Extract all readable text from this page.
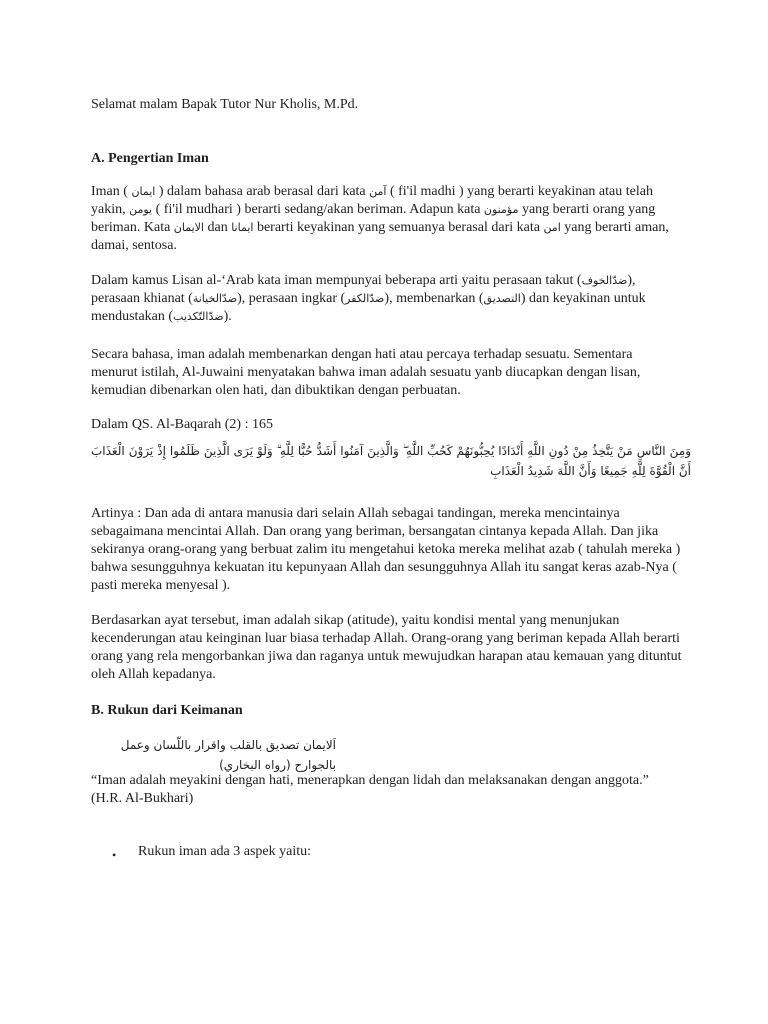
Selamat malam Bapak Tutor Nur Kholis, M.Pd.

A. Pengertian Iman

Iman ( ايمان ) dalam bahasa arab berasal dari kata آمن ( fi'il madhi ) yang berarti keyakinan atau telah yakin, يومن ( fi'il mudhari ) berarti sedang/akan beriman. Adapun kata مؤمنون yang berarti orang yang beriman. Kata الايمان dan ايمانا berarti keyakinan yang semuanya berasal dari kata امن yang berarti aman, damai, sentosa.

Dalam kamus Lisan al-‘Arab kata iman mempunyai beberapa arti yaitu perasaan takut (ضدّالخوف), perasaan khianat (ضدّالخيانة), perasaan ingkar (ضدّالكفر), membenarkan (التصديق) dan keyakinan untuk mendustakan (ضدّالتّكذيب).

Secara bahasa, iman adalah membenarkan dengan hati atau percaya terhadap sesuatu. Sementara menurut istilah, Al-Juwaini menyatakan bahwa iman adalah sesuatu yanb diucapkan dengan lisan, kemudian dibenarkan olen hati, dan dibuktikan dengan perbuatan.

Dalam QS. Al-Baqarah (2) : 165

وَمِنَ النَّاسِ مَنْ يَتَّخِذُ مِنْ دُونِ اللَّهِ أَنْدَادًا يُحِبُّونَهُمْ كَحُبِّ اللَّهِ ۖ وَالَّذِينَ آمَنُوا أَشَدُّ حُبًّا لِلَّهِ ۗ وَلَوْ يَرَى الَّذِينَ ظَلَمُوا إِذْ يَرَوْنَ الْعَذَابَ أَنَّ الْقُوَّةَ لِلَّهِ جَمِيعًا وَأَنَّ اللَّهَ شَدِيدُ الْعَذَابِ

Artinya : Dan ada di antara manusia dari selain Allah sebagai tandingan, mereka mencintainya sebagaimana mencintai Allah. Dan orang yang beriman, bersangatan cintanya kepada Allah. Dan jika sekiranya orang-orang yang berbuat zalim itu mengetahui ketoka mereka melihat azab ( tahulah mereka ) bahwa sesungguhnya kekuatan itu kepunyaan Allah dan sesungguhnya Allah itu sangat keras azab-Nya ( pasti mereka menyesal ).

Berdasarkan ayat tersebut, iman adalah sikap (atitude), yaitu kondisi mental yang menunjukan kecenderungan atau keinginan luar biasa terhadap Allah. Orang-orang yang beriman kepada Allah berarti orang yang rela mengorbankan jiwa dan raganya untuk mewujudkan harapan atau kemauan yang dituntut oleh Allah kepadanya.

B. Rukun dari Keimanan

اَلايمان تصديق بالقلب واقرار باللّسان وعمل بالجوارح (رواه البخاري)

“Iman adalah meyakini dengan hati, menerapkan dengan lidah dan melaksanakan dengan anggota.” (H.R. Al-Bukhari)

• Rukun iman ada 3 aspek yaitu:
